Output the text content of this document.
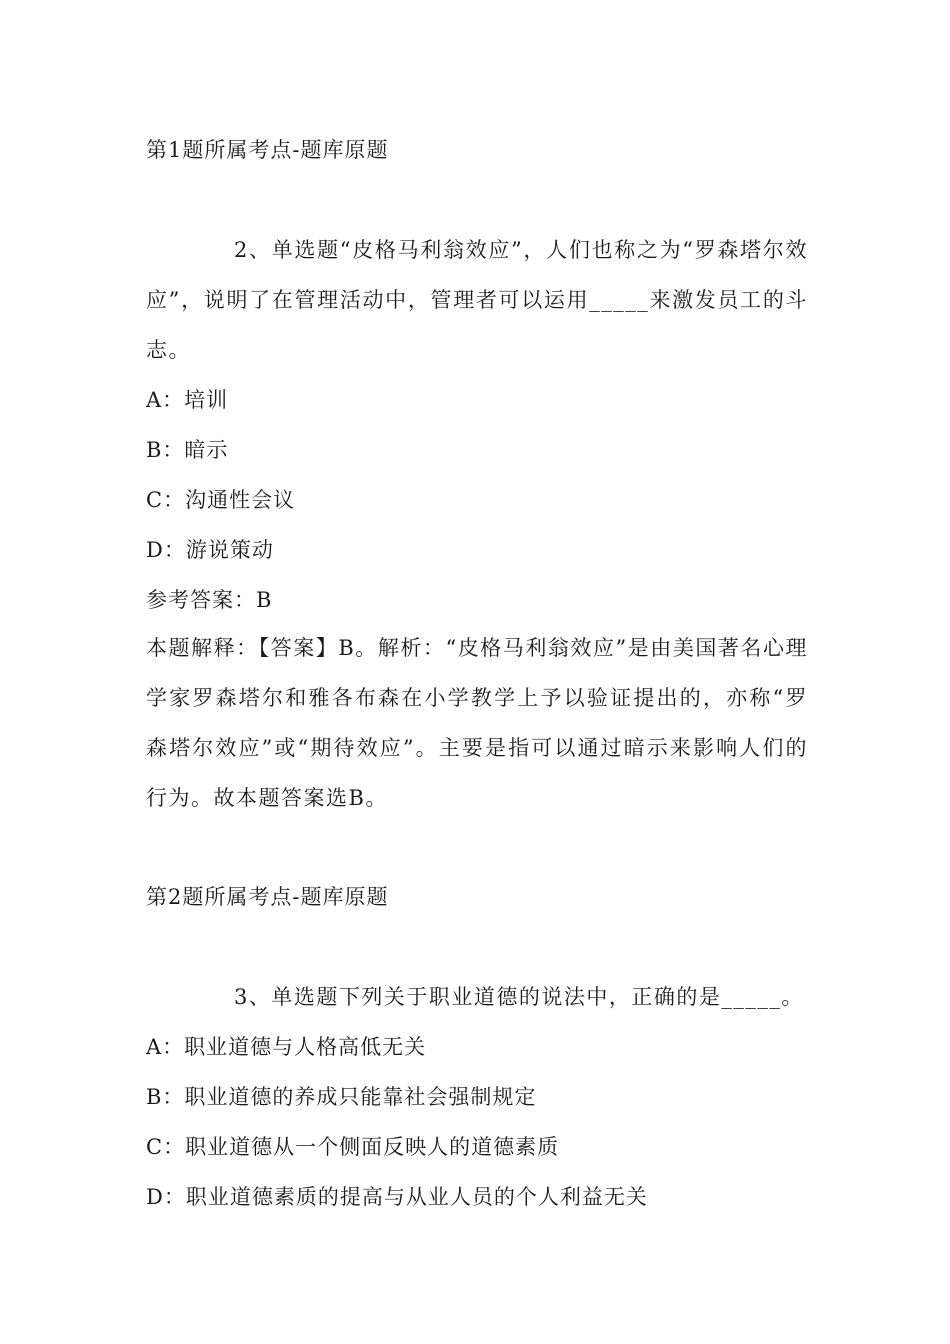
第1题所属考点-题库原题
2、单选题“皮格马利翁效应”，人们也称之为“罗森塔尔效应”，说明了在管理活动中，管理者可以运用_____来激发员工的斗志。
A：培训
B：暗示
C：沟通性会议
D：游说策动
参考答案：B
本题解释：【答案】B。解析：“皮格马利翁效应”是由美国著名心理学家罗森塔尔和雅各布森在小学教学上予以验证提出的，亦称“罗森塔尔效应”或“期待效应”。主要是指可以通过暗示来影响人们的行为。故本题答案选B。
第2题所属考点-题库原题
3、单选题下列关于职业道德的说法中，正确的是_____。
A：职业道德与人格高低无关
B：职业道德的养成只能靠社会强制规定
C：职业道德从一个侧面反映人的道德素质
D：职业道德素质的提高与从业人员的个人利益无关
